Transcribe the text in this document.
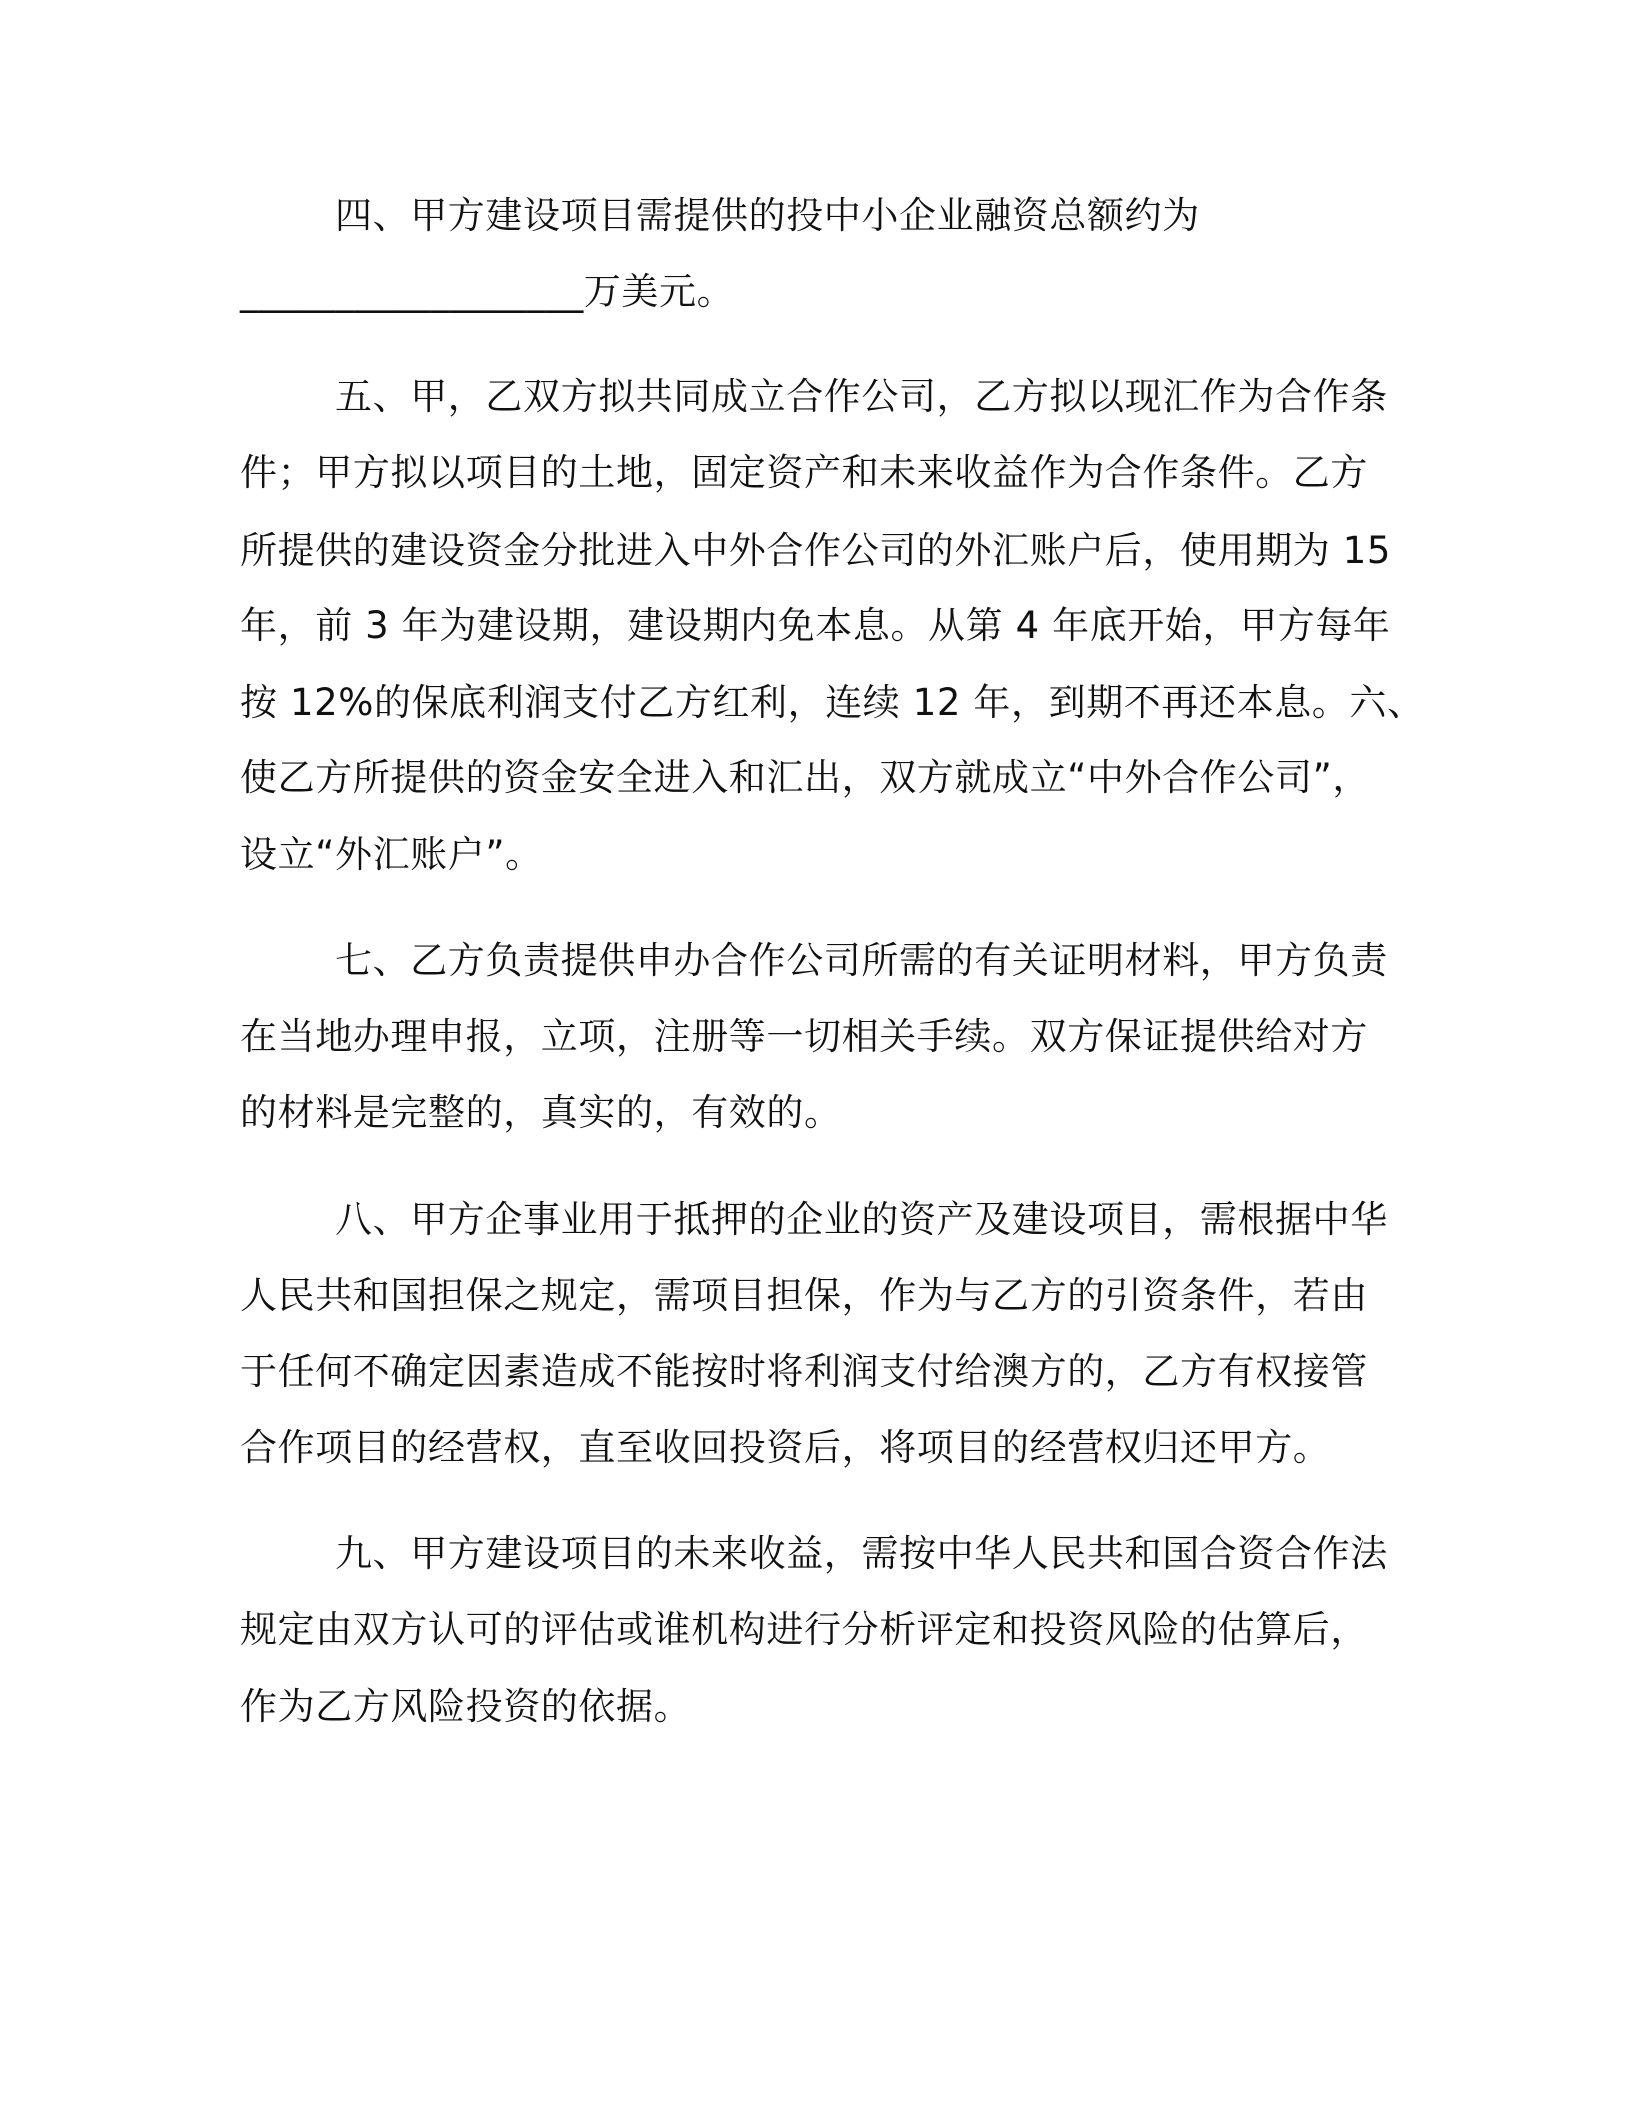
四、甲方建设项目需提供的投中小企业融资总额约为
__________________万美元。
五、甲，乙双方拟共同成立合作公司，乙方拟以现汇作为合作条
件；甲方拟以项目的土地，固定资产和未来收益作为合作条件。乙方
所提供的建设资金分批进入中外合作公司的外汇账户后，使用期为 15
年，前 3 年为建设期，建设期内免本息。从第 4 年底开始，甲方每年
按 12%的保底利润支付乙方红利，连续 12 年，到期不再还本息。六、
使乙方所提供的资金安全进入和汇出，双方就成立“中外合作公司”，
设立“外汇账户”。
七、乙方负责提供申办合作公司所需的有关证明材料，甲方负责
在当地办理申报，立项，注册等一切相关手续。双方保证提供给对方
的材料是完整的，真实的，有效的。
八、甲方企事业用于抵押的企业的资产及建设项目，需根据中华
人民共和国担保之规定，需项目担保，作为与乙方的引资条件，若由
于任何不确定因素造成不能按时将利润支付给澳方的，乙方有权接管
合作项目的经营权，直至收回投资后，将项目的经营权归还甲方。
九、甲方建设项目的未来收益，需按中华人民共和国合资合作法
规定由双方认可的评估或谁机构进行分析评定和投资风险的估算后，
作为乙方风险投资的依据。
